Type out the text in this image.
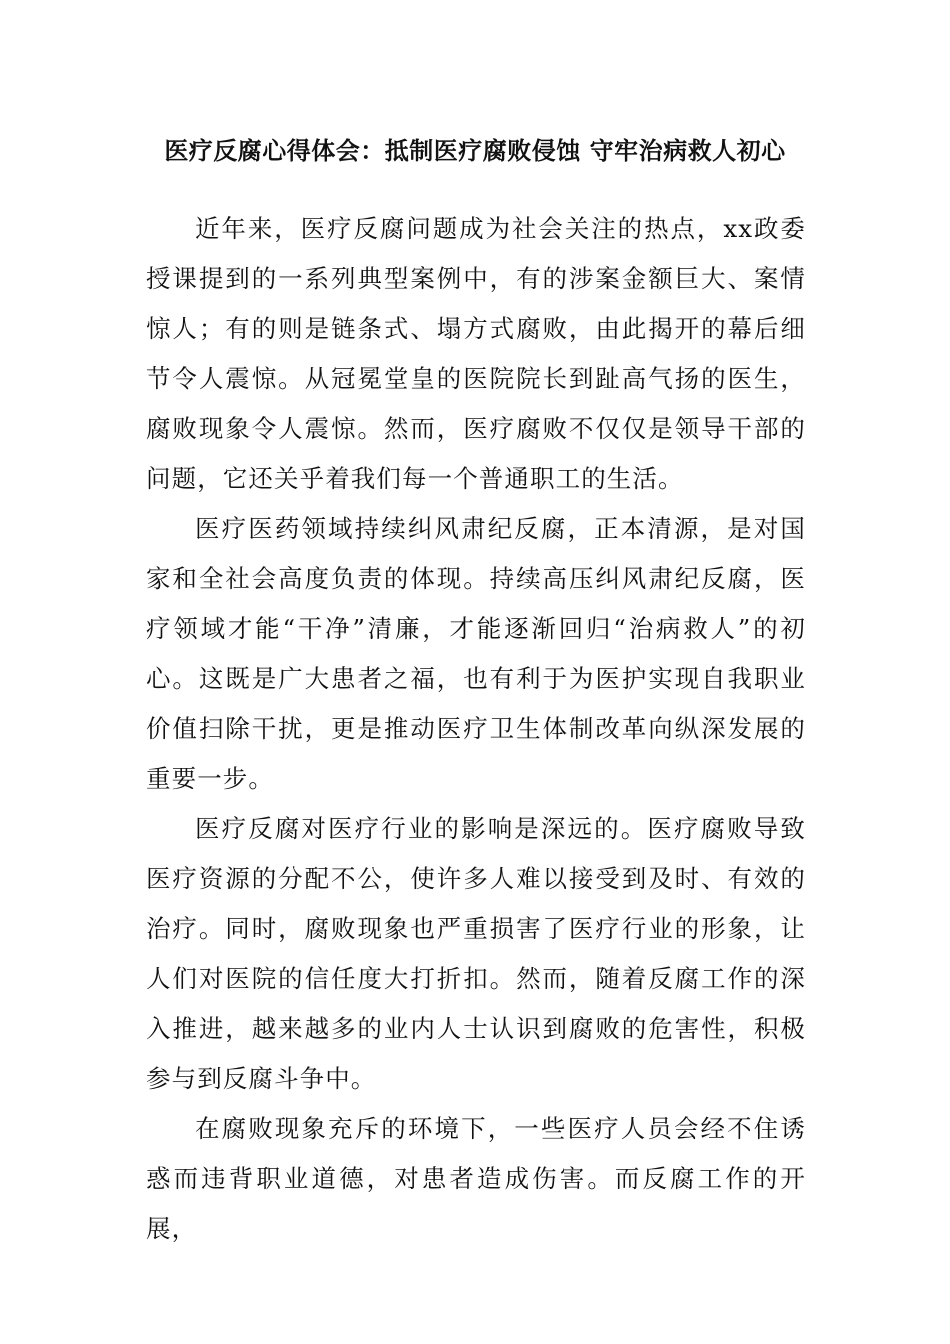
医疗反腐心得体会：抵制医疗腐败侵蚀 守牢治病救人初心

近年来，医疗反腐问题成为社会关注的热点，xx政委授课提到的一系列典型案例中，有的涉案金额巨大、案情惊人；有的则是链条式、塌方式腐败，由此揭开的幕后细节令人震惊。从冠冕堂皇的医院院长到趾高气扬的医生，腐败现象令人震惊。然而，医疗腐败不仅仅是领导干部的问题，它还关乎着我们每一个普通职工的生活。

医疗医药领域持续纠风肃纪反腐，正本清源，是对国家和全社会高度负责的体现。持续高压纠风肃纪反腐，医疗领域才能“干净”清廉，才能逐渐回归“治病救人”的初心。这既是广大患者之福，也有利于为医护实现自我职业价值扫除干扰，更是推动医疗卫生体制改革向纵深发展的重要一步。

医疗反腐对医疗行业的影响是深远的。医疗腐败导致医疗资源的分配不公，使许多人难以接受到及时、有效的治疗。同时，腐败现象也严重损害了医疗行业的形象，让人们对医院的信任度大打折扣。然而，随着反腐工作的深入推进，越来越多的业内人士认识到腐败的危害性，积极参与到反腐斗争中。

在腐败现象充斥的环境下，一些医疗人员会经不住诱惑而违背职业道德，对患者造成伤害。而反腐工作的开展，
